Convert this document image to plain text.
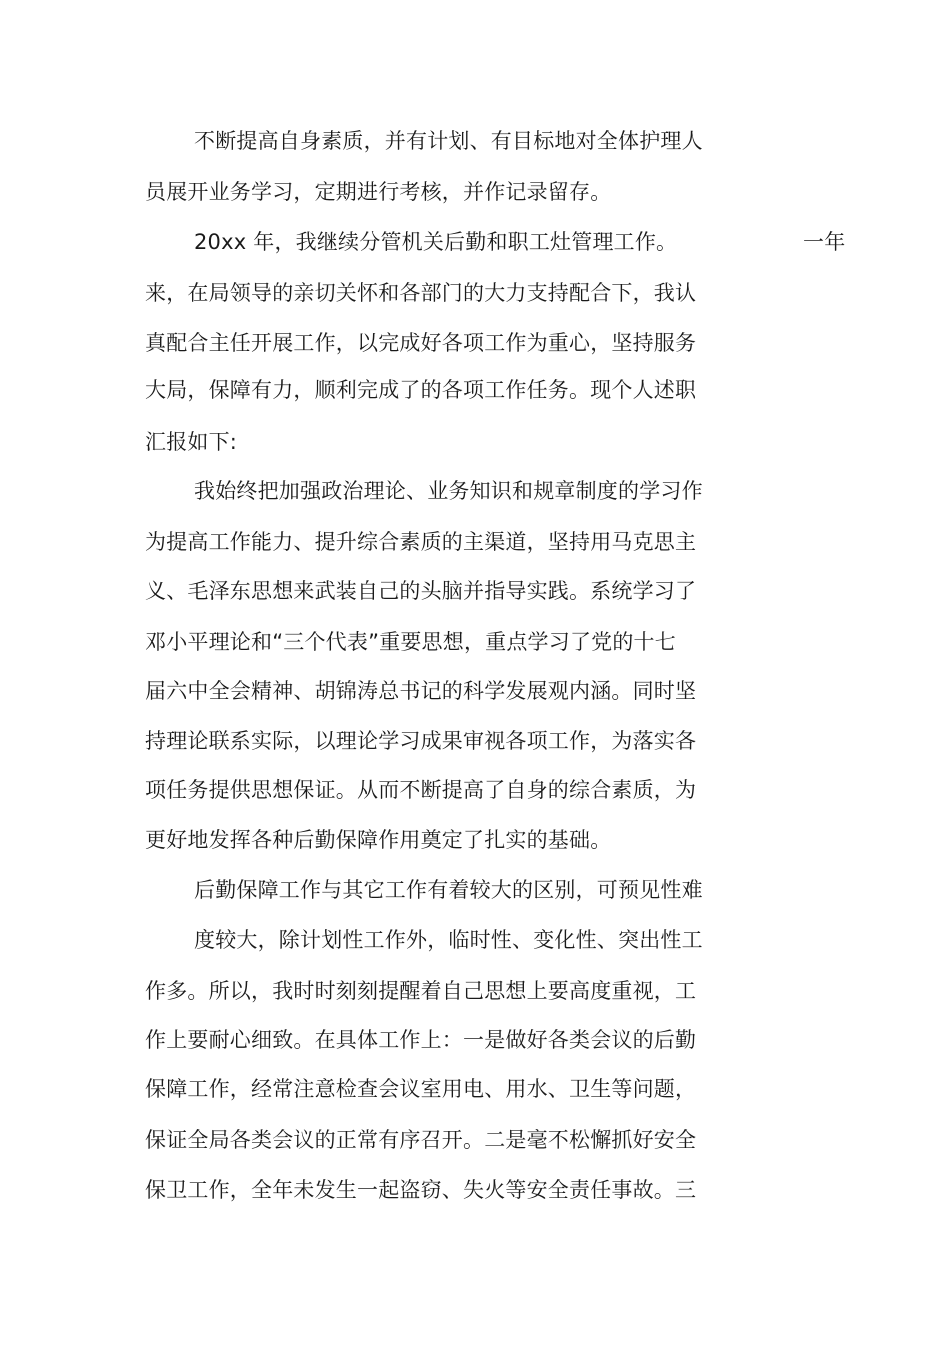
不断提高自身素质，并有计划、有目标地对全体护理人
员展开业务学习，定期进行考核，并作记录留存。
20xx 年，我继续分管机关后勤和职工灶管理工作。	一年
来，在局领导的亲切关怀和各部门的大力支持配合下，我认
真配合主任开展工作，以完成好各项工作为重心，坚持服务
大局，保障有力，顺利完成了的各项工作任务。现个人述职
汇报如下:
我始终把加强政治理论、业务知识和规章制度的学习作
为提高工作能力、提升综合素质的主渠道，坚持用马克思主
义、毛泽东思想来武装自己的头脑并指导实践。系统学习了
邓小平理论和“三个代表”重要思想，重点学习了党的十七
届六中全会精神、胡锦涛总书记的科学发展观内涵。同时坚
持理论联系实际，以理论学习成果审视各项工作，为落实各
项任务提供思想保证。从而不断提高了自身的综合素质，为
更好地发挥各种后勤保障作用奠定了扎实的基础。
后勤保障工作与其它工作有着较大的区别，可预见性难
度较大，除计划性工作外，临时性、变化性、突出性工
作多。所以，我时时刻刻提醒着自己思想上要高度重视，工
作上要耐心细致。在具体工作上：一是做好各类会议的后勤
保障工作，经常注意检查会议室用电、用水、卫生等问题，
保证全局各类会议的正常有序召开。二是毫不松懈抓好安全
保卫工作，全年未发生一起盗窃、失火等安全责任事故。三
